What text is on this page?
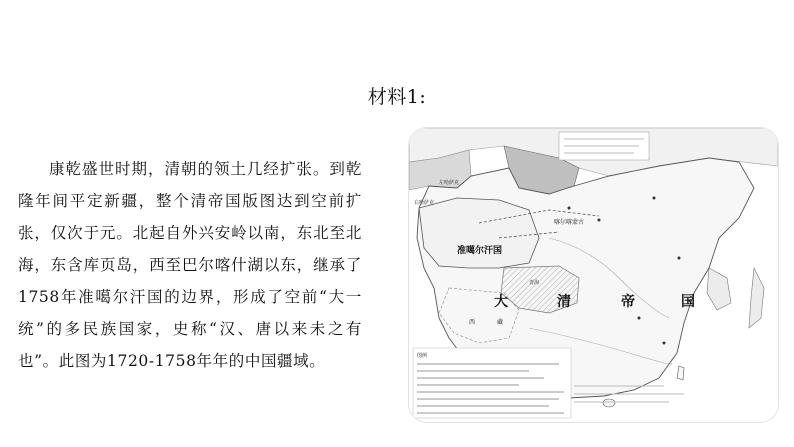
材料1:
康乾盛世时期，清朝的领土几经扩张。到乾隆年间平定新疆，整个清帝国版图达到空前扩张，仅次于元。北起自外兴安岭以南，东北至北海，东含库页岛，西至巴尔喀什湖以东，继承了1758年准噶尔汗国的边界，形成了空前“大一统”的多民族国家，史称“汉、唐以来未之有也”。此图为1720-1758年年的中国疆域。
右哈萨克
左哈萨克
喀尔喀蒙古
准噶尔汗国
青海
大	清	帝	国
西	藏
图例
